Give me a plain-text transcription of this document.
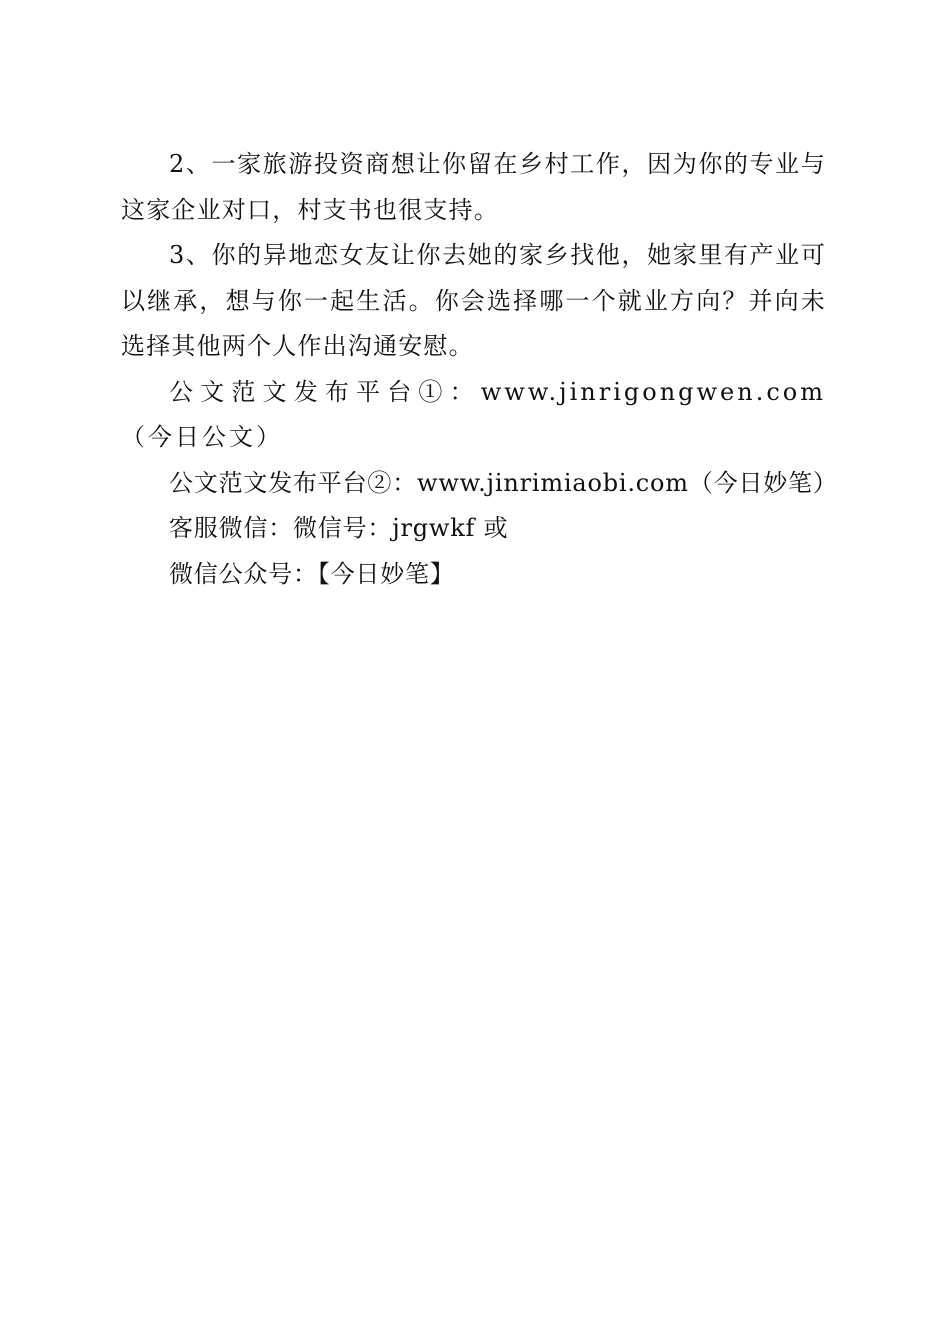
2、一家旅游投资商想让你留在乡村工作，因为你的专业与这家企业对口，村支书也很支持。

3、你的异地恋女友让你去她的家乡找他，她家里有产业可以继承，想与你一起生活。你会选择哪一个就业方向？并向未选择其他两个人作出沟通安慰。

公文范文发布平台①：www.jinrigongwen.com（今日公文）

公文范文发布平台②：www.jinrimiaobi.com（今日妙笔）

客服微信：微信号：jrgwkf 或

微信公众号：【今日妙笔】
